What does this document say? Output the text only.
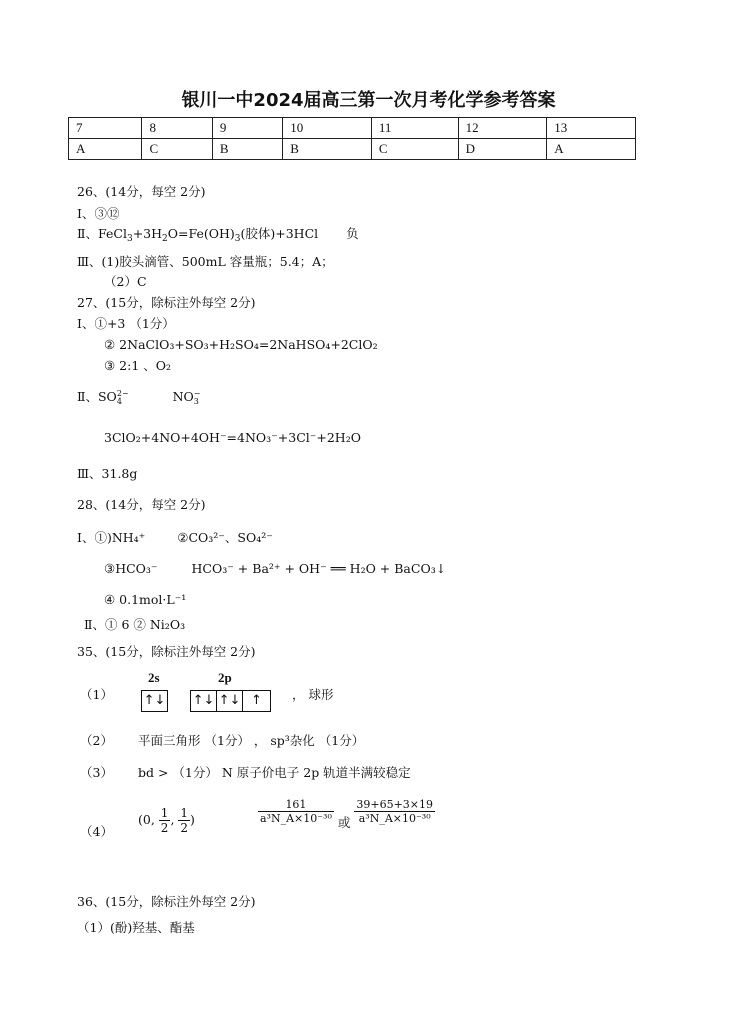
银川一中2024届高三第一次月考化学参考答案
7	8	9	10	11	12	13
A	C	B	B	C	D	A
26、(14分，每空 2分)
Ⅰ、③⑫
Ⅱ、$FeCl_3+3H_2O=Fe(OH)_3$(胶体)+3HCl 负
Ⅲ、(1)胶头滴管、500mL 容量瓶；5.4；A；
（2）C
27、(15分，除标注外每空 2分)
Ⅰ、①+3 （1分）
② 2NaClO₃+SO₃+H₂SO₄=2NaHSO₄+2ClO₂
③ 2:1 、O₂
Ⅱ、SO 2−
4	NO −
3
3ClO₂+4NO+4OH⁻=4NO₃⁻+3Cl⁻+2H₂O
Ⅲ、31.8g
28、(14分，每空 2分)
Ⅰ、①)NH₄⁺	②CO₃²⁻、SO₄²⁻
③HCO₃⁻	HCO₃⁻ + Ba²⁺ + OH⁻ ══ H₂O + BaCO₃↓
④ 0.1mol·L⁻¹
Ⅱ、① 6 ② Ni₂O₃
35、(15分，除标注外每空 2分)
（1）
2s	2p
↑↓ ↑↓ ↑↓ ↑	， 球形
（2） 平面三角形 （1分） ， sp³杂化 （1分）
（3） bd > （1分） N 原子价电子 2p 轨道半满较稳定
（4）
(0, $\frac{1}{2}$ , $\frac{1}{2}$ )	$\frac{161}{\text{a³N\_A×10⁻³⁰}}$ 或 $\frac{39+65+3\times 19}{\text{a³N\_A×10⁻³⁰}}$
36、(15分，除标注外每空 2分)
（1）(酚)羟基、酯基
